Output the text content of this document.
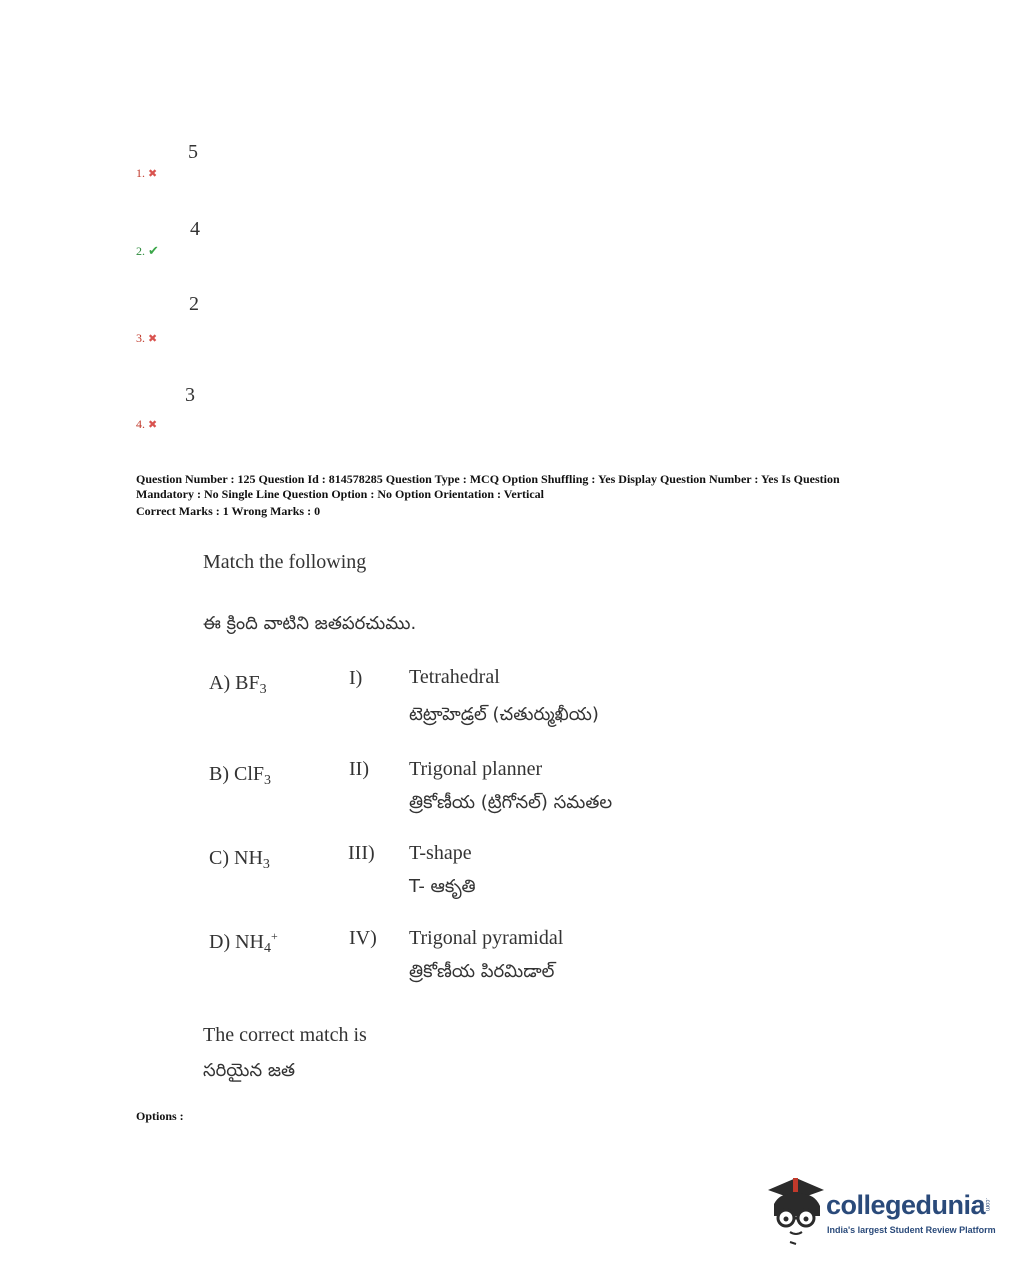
5
1. ✖
4
2. ✔
2
3. ✖
3
4. ✖
Question Number : 125 Question Id : 814578285 Question Type : MCQ Option Shuffling : Yes Display Question Number : Yes Is Question
Mandatory : No Single Line Question Option : No Option Orientation : Vertical
Correct Marks : 1 Wrong Marks : 0
Match the following
ఈ క్రింది వాటిని జతపరచుము.
A) $BF_3$
I) Tetrahedral
టెట్రాహెడ్రల్ (చతుర్ముఖీయ)
B) ClF$_3$
II) Trigonal planner
త్రికోణీయ (ట్రిగోనల్) సమతల
C) $NH_3$
III) T-shape
T- ఆకృతి
D) $NH_4^+$	IV) Trigonal pyramidal
త్రికోణీయ పిరమిడాల్
The correct match is
సరియైన జత
Options :
collegedunia
.com
India's largest Student Review Platform
